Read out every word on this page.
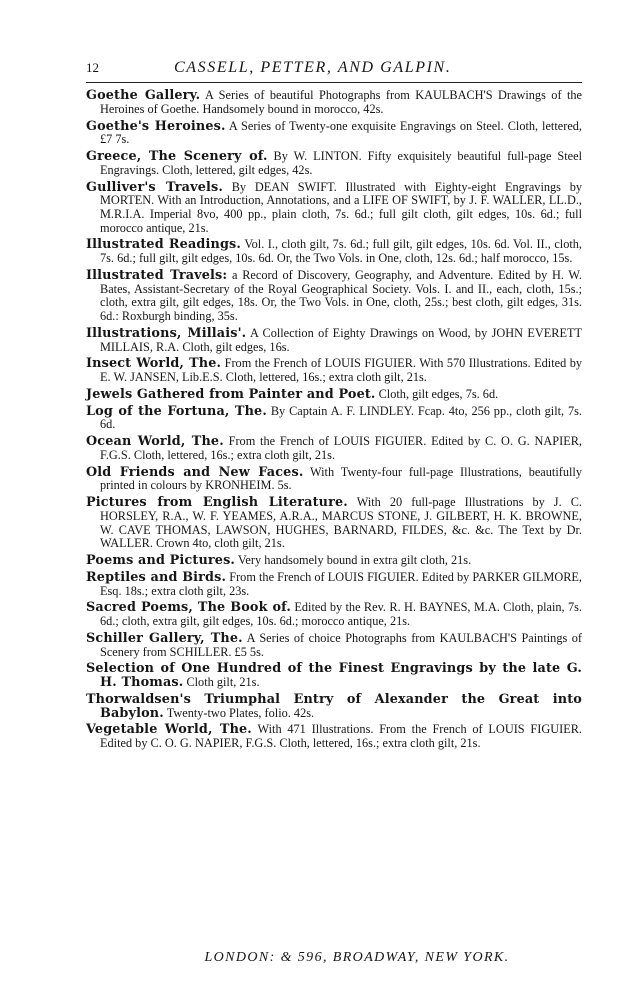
12	CASSELL, PETTER, AND GALPIN.

Goethe Gallery. A Series of beautiful Photographs from KAULBACH'S Drawings of the Heroines of Goethe. Handsomely bound in morocco, 42s.

Goethe's Heroines. A Series of Twenty-one exquisite Engravings on Steel. Cloth, lettered, £7 7s.

Greece, The Scenery of. By W. LINTON. Fifty exquisitely beautiful full-page Steel Engravings. Cloth, lettered, gilt edges, 42s.

Gulliver's Travels. By DEAN SWIFT. Illustrated with Eighty-eight Engravings by MORTEN. With an Introduction, Annotations, and a LIFE OF SWIFT, by J. F. WALLER, LL.D., M.R.I.A. Imperial 8vo, 400 pp., plain cloth, 7s. 6d.; full gilt cloth, gilt edges, 10s. 6d.; full morocco antique, 21s.

Illustrated Readings. Vol. I., cloth gilt, 7s. 6d.; full gilt, gilt edges, 10s. 6d. Vol. II., cloth, 7s. 6d.; full gilt, gilt edges, 10s. 6d. Or, the Two Vols. in One, cloth, 12s. 6d.; half morocco, 15s.

Illustrated Travels: a Record of Discovery, Geography, and Adventure. Edited by H. W. Bates, Assistant-Secretary of the Royal Geographical Society. Vols. I. and II., each, cloth, 15s.; cloth, extra gilt, gilt edges, 18s. Or, the Two Vols. in One, cloth, 25s.; best cloth, gilt edges, 31s. 6d.: Roxburgh binding, 35s.

Illustrations, Millais'. A Collection of Eighty Drawings on Wood, by JOHN EVERETT MILLAIS, R.A. Cloth, gilt edges, 16s.

Insect World, The. From the French of LOUIS FIGUIER. With 570 Illustrations. Edited by E. W. JANSEN, Lib.E.S. Cloth, lettered, 16s.; extra cloth gilt, 21s.

Jewels Gathered from Painter and Poet. Cloth, gilt edges, 7s. 6d.

Log of the Fortuna, The. By Captain A. F. LINDLEY. Fcap. 4to, 256 pp., cloth gilt, 7s. 6d.

Ocean World, The. From the French of LOUIS FIGUIER. Edited by C. O. G. NAPIER, F.G.S. Cloth, lettered, 16s.; extra cloth gilt, 21s.

Old Friends and New Faces. With Twenty-four full-page Illustrations, beautifully printed in colours by KRONHEIM. 5s.

Pictures from English Literature. With 20 full-page Illustrations by J. C. HORSLEY, R.A., W. F. YEAMES, A.R.A., MARCUS STONE, J. GILBERT, H. K. BROWNE, W. CAVE THOMAS, LAWSON, HUGHES, BARNARD, FILDES, &c. &c. The Text by Dr. WALLER. Crown 4to, cloth gilt, 21s.

Poems and Pictures. Very handsomely bound in extra gilt cloth, 21s.

Reptiles and Birds. From the French of LOUIS FIGUIER. Edited by PARKER GILMORE, Esq. 18s.; extra cloth gilt, 23s.

Sacred Poems, The Book of. Edited by the Rev. R. H. BAYNES, M.A. Cloth, plain, 7s. 6d.; cloth, extra gilt, gilt edges, 10s. 6d.; morocco antique, 21s.

Schiller Gallery, The. A Series of choice Photographs from KAULBACH'S Paintings of Scenery from SCHILLER. £5 5s.

Selection of One Hundred of the Finest Engravings by the late G. H. Thomas. Cloth gilt, 21s.

Thorwaldsen's Triumphal Entry of Alexander the Great into Babylon. Twenty-two Plates, folio. 42s.

Vegetable World, The. With 471 Illustrations. From the French of LOUIS FIGUIER. Edited by C. O. G. NAPIER, F.G.S. Cloth, lettered, 16s.; extra cloth gilt, 21s.

LONDON: & 596, BROADWAY, NEW YORK.
